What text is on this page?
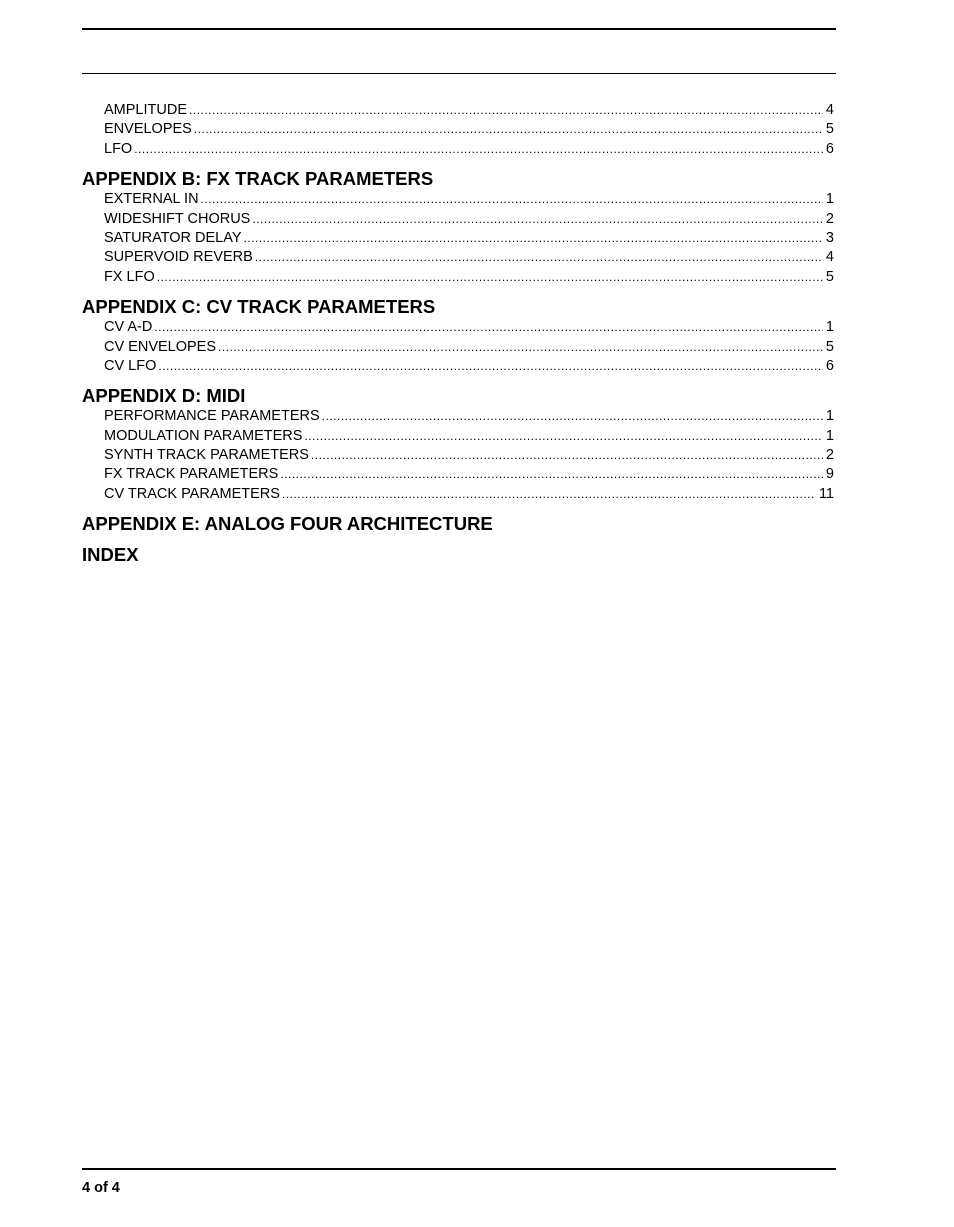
AMPLITUDE .....	4
ENVELOPES .....	5
LFO .....	6
APPENDIX B: FX TRACK PARAMETERS
EXTERNAL IN .....	1
WIDESHIFT CHORUS .....	2
SATURATOR DELAY .....	3
SUPERVOID REVERB .....	4
FX LFO .....	5
APPENDIX C: CV TRACK PARAMETERS
CV A-D .....	1
CV ENVELOPES .....	5
CV LFO .....	6
APPENDIX D: MIDI
PERFORMANCE PARAMETERS .....	1
MODULATION PARAMETERS .....	1
SYNTH TRACK PARAMETERS .....	2
FX TRACK PARAMETERS .....	9
CV TRACK PARAMETERS .....	11
APPENDIX E: ANALOG FOUR ARCHITECTURE
INDEX
4 of 4
